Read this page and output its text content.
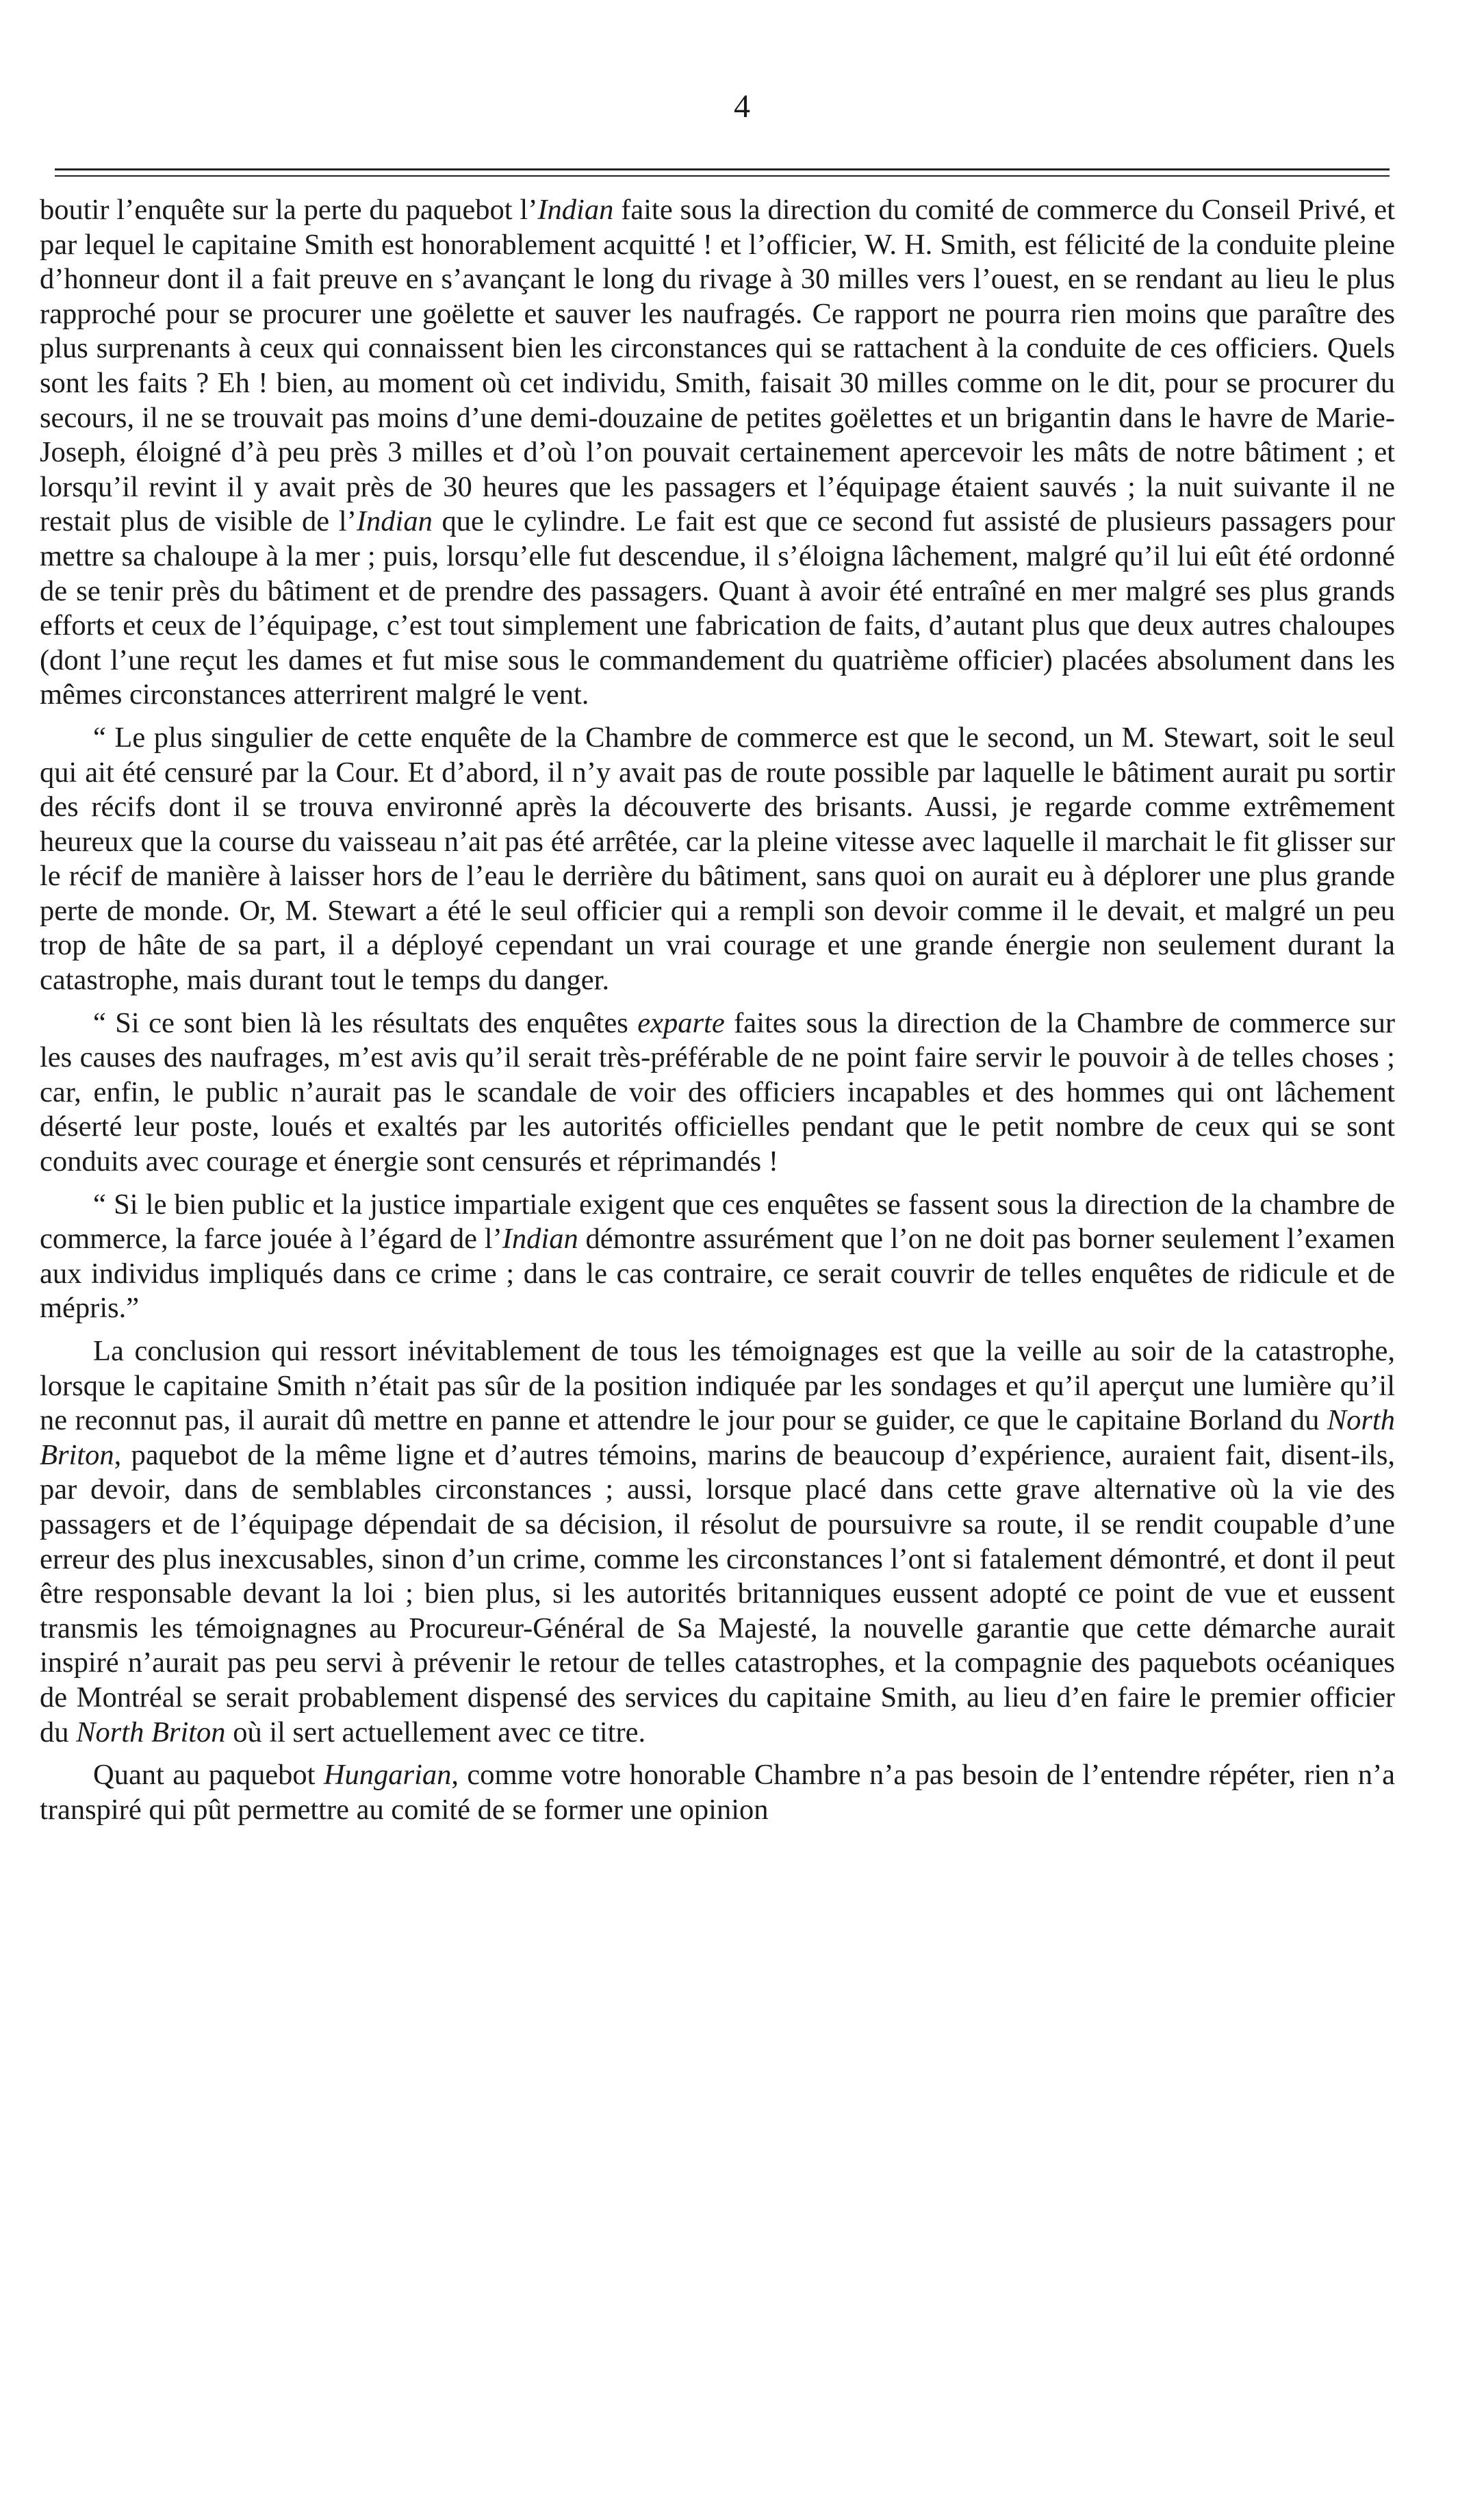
4

boutir l’enquête sur la perte du paquebot l’Indian faite sous la direction du comité de commerce du Conseil Privé, et par lequel le capitaine Smith est honorablement acquitté ! et l’officier, W. H. Smith, est félicité de la conduite pleine d’honneur dont il a fait preuve en s’avançant le long du rivage à 30 milles vers l’ouest, en se rendant au lieu le plus rapproché pour se procurer une goëlette et sauver les naufragés. Ce rapport ne pourra rien moins que paraître des plus surprenants à ceux qui connaissent bien les circonstances qui se rattachent à la conduite de ces officiers. Quels sont les faits ? Eh ! bien, au moment où cet individu, Smith, faisait 30 milles comme on le dit, pour se procurer du secours, il ne se trouvait pas moins d’une demi-douzaine de petites goëlettes et un brigantin dans le havre de Marie-Joseph, éloigné d’à peu près 3 milles et d’où l’on pouvait certainement apercevoir les mâts de notre bâtiment ; et lorsqu’il revint il y avait près de 30 heures que les passagers et l’équipage étaient sauvés ; la nuit suivante il ne restait plus de visible de l’Indian que le cylindre. Le fait est que ce second fut assisté de plusieurs passagers pour mettre sa chaloupe à la mer ; puis, lorsqu’elle fut descendue, il s’éloigna lâchement, malgré qu’il lui eût été ordonné de se tenir près du bâtiment et de prendre des passagers. Quant à avoir été entraîné en mer malgré ses plus grands efforts et ceux de l’équipage, c’est tout simplement une fabrication de faits, d’autant plus que deux autres chaloupes (dont l’une reçut les dames et fut mise sous le commandement du quatrième officier) placées absolument dans les mêmes circonstances atterrirent malgré le vent.

“ Le plus singulier de cette enquête de la Chambre de commerce est que le second, un M. Stewart, soit le seul qui ait été censuré par la Cour. Et d’abord, il n’y avait pas de route possible par laquelle le bâtiment aurait pu sortir des récifs dont il se trouva environné après la découverte des brisants. Aussi, je regarde comme extrêmement heureux que la course du vaisseau n’ait pas été arrêtée, car la pleine vitesse avec laquelle il marchait le fit glisser sur le récif de manière à laisser hors de l’eau le derrière du bâtiment, sans quoi on aurait eu à déplorer une plus grande perte de monde. Or, M. Stewart a été le seul officier qui a rempli son devoir comme il le devait, et malgré un peu trop de hâte de sa part, il a déployé cependant un vrai courage et une grande énergie non seulement durant la catastrophe, mais durant tout le temps du danger.

“ Si ce sont bien là les résultats des enquêtes exparte faites sous la direction de la Chambre de commerce sur les causes des naufrages, m’est avis qu’il serait très-préférable de ne point faire servir le pouvoir à de telles choses ; car, enfin, le public n’aurait pas le scandale de voir des officiers incapables et des hommes qui ont lâchement déserté leur poste, loués et exaltés par les autorités officielles pendant que le petit nombre de ceux qui se sont conduits avec courage et énergie sont censurés et réprimandés !

“ Si le bien public et la justice impartiale exigent que ces enquêtes se fassent sous la direction de la chambre de commerce, la farce jouée à l’égard de l’Indian démontre assurément que l’on ne doit pas borner seulement l’examen aux individus impliqués dans ce crime ; dans le cas contraire, ce serait couvrir de telles enquêtes de ridicule et de mépris.”

La conclusion qui ressort inévitablement de tous les témoignages est que la veille au soir de la catastrophe, lorsque le capitaine Smith n’était pas sûr de la position indiquée par les sondages et qu’il aperçut une lumière qu’il ne reconnut pas, il aurait dû mettre en panne et attendre le jour pour se guider, ce que le capitaine Borland du North Briton, paquebot de la même ligne et d’autres témoins, marins de beaucoup d’expérience, auraient fait, disent-ils, par devoir, dans de semblables circonstances ; aussi, lorsque placé dans cette grave alternative où la vie des passagers et de l’équipage dépendait de sa décision, il résolut de poursuivre sa route, il se rendit coupable d’une erreur des plus inexcusables, sinon d’un crime, comme les circonstances l’ont si fatalement démontré, et dont il peut être responsable devant la loi ; bien plus, si les autorités britanniques eussent adopté ce point de vue et eussent transmis les témoignagnes au Procureur-Général de Sa Majesté, la nouvelle garantie que cette démarche aurait inspiré n’aurait pas peu servi à prévenir le retour de telles catastrophes, et la compagnie des paquebots océaniques de Montréal se serait probablement dispensé des services du capitaine Smith, au lieu d’en faire le premier officier du North Briton où il sert actuellement avec ce titre.

Quant au paquebot Hungarian, comme votre honorable Chambre n’a pas besoin de l’entendre répéter, rien n’a transpiré qui pût permettre au comité de se former une opinion
